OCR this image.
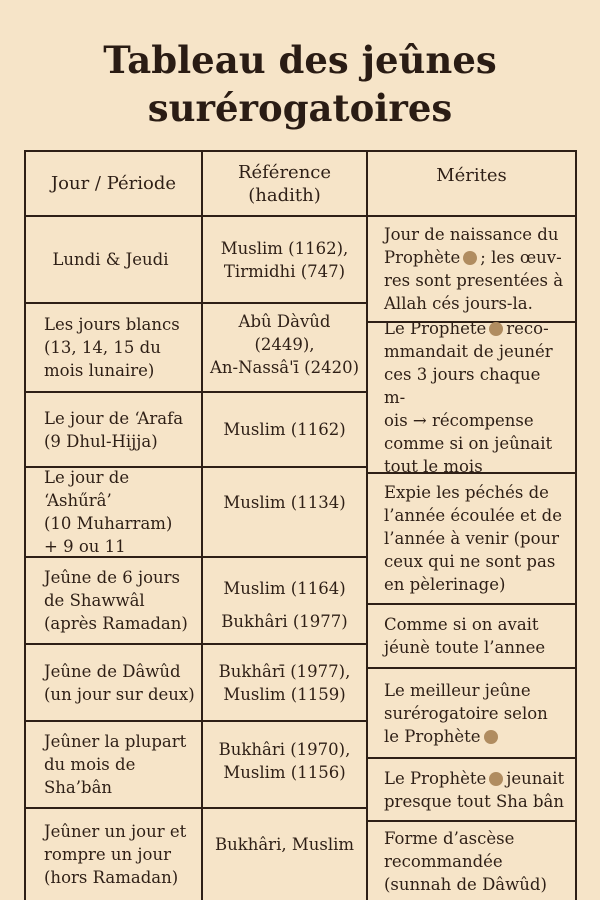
Tableau des jeûnes
surérogatoires
Jour / Période
Référence
(hadith)
Mérites
Lundi & Jeudi
Les jours blancs
(13, 14, 15 du
mois lunaire)
Le jour de ‘Arafa
(9 Dhul-Hijja)
Le jour de ‘Ashűrâ’
(10 Muharram)
+ 9 ou 11
Jeûne de 6 jours
de Shawwâl
(après Ramadan)
Jeûne de Dâwûd
(un jour sur deux)
Jeûner la plupart
du mois de
Sha’bân
Jeûner un jour et
rompre un jour
(hors Ramadan)
Muslim (1162),
Tirmidhi (747)
Abû Dàvûd (2449),
An-Nassâ'ī (2420)
Muslim (1162)
Muslim (1134)
Muslim (1164)
Bukhâri (1977)
Bukhârī (1977),
Muslim (1159)
Bukhâri (1970),
Muslim (1156)
Bukhâri, Muslim
Jour de naissance du
Prophète ; les œuv-
res sont presentées à
Allah cés jours-la.
Le Prophete reco-
mmandait de jeunér
ces 3 jours chaque m-
ois → récompense
comme si on jeûnait
tout le mois
Expie les péchés de
l’année écoulée et de
l’année à venir (pour
ceux qui ne sont pas
en pèlerinage)
Comme si on avait
jéunè toute l’annee
Le meilleur jeûne
surérogatoire selon
le Prophète
Le Prophète jeunait
presque tout Sha bân
Forme d’ascèse
recommandée
(sunnah de Dâwûd)
